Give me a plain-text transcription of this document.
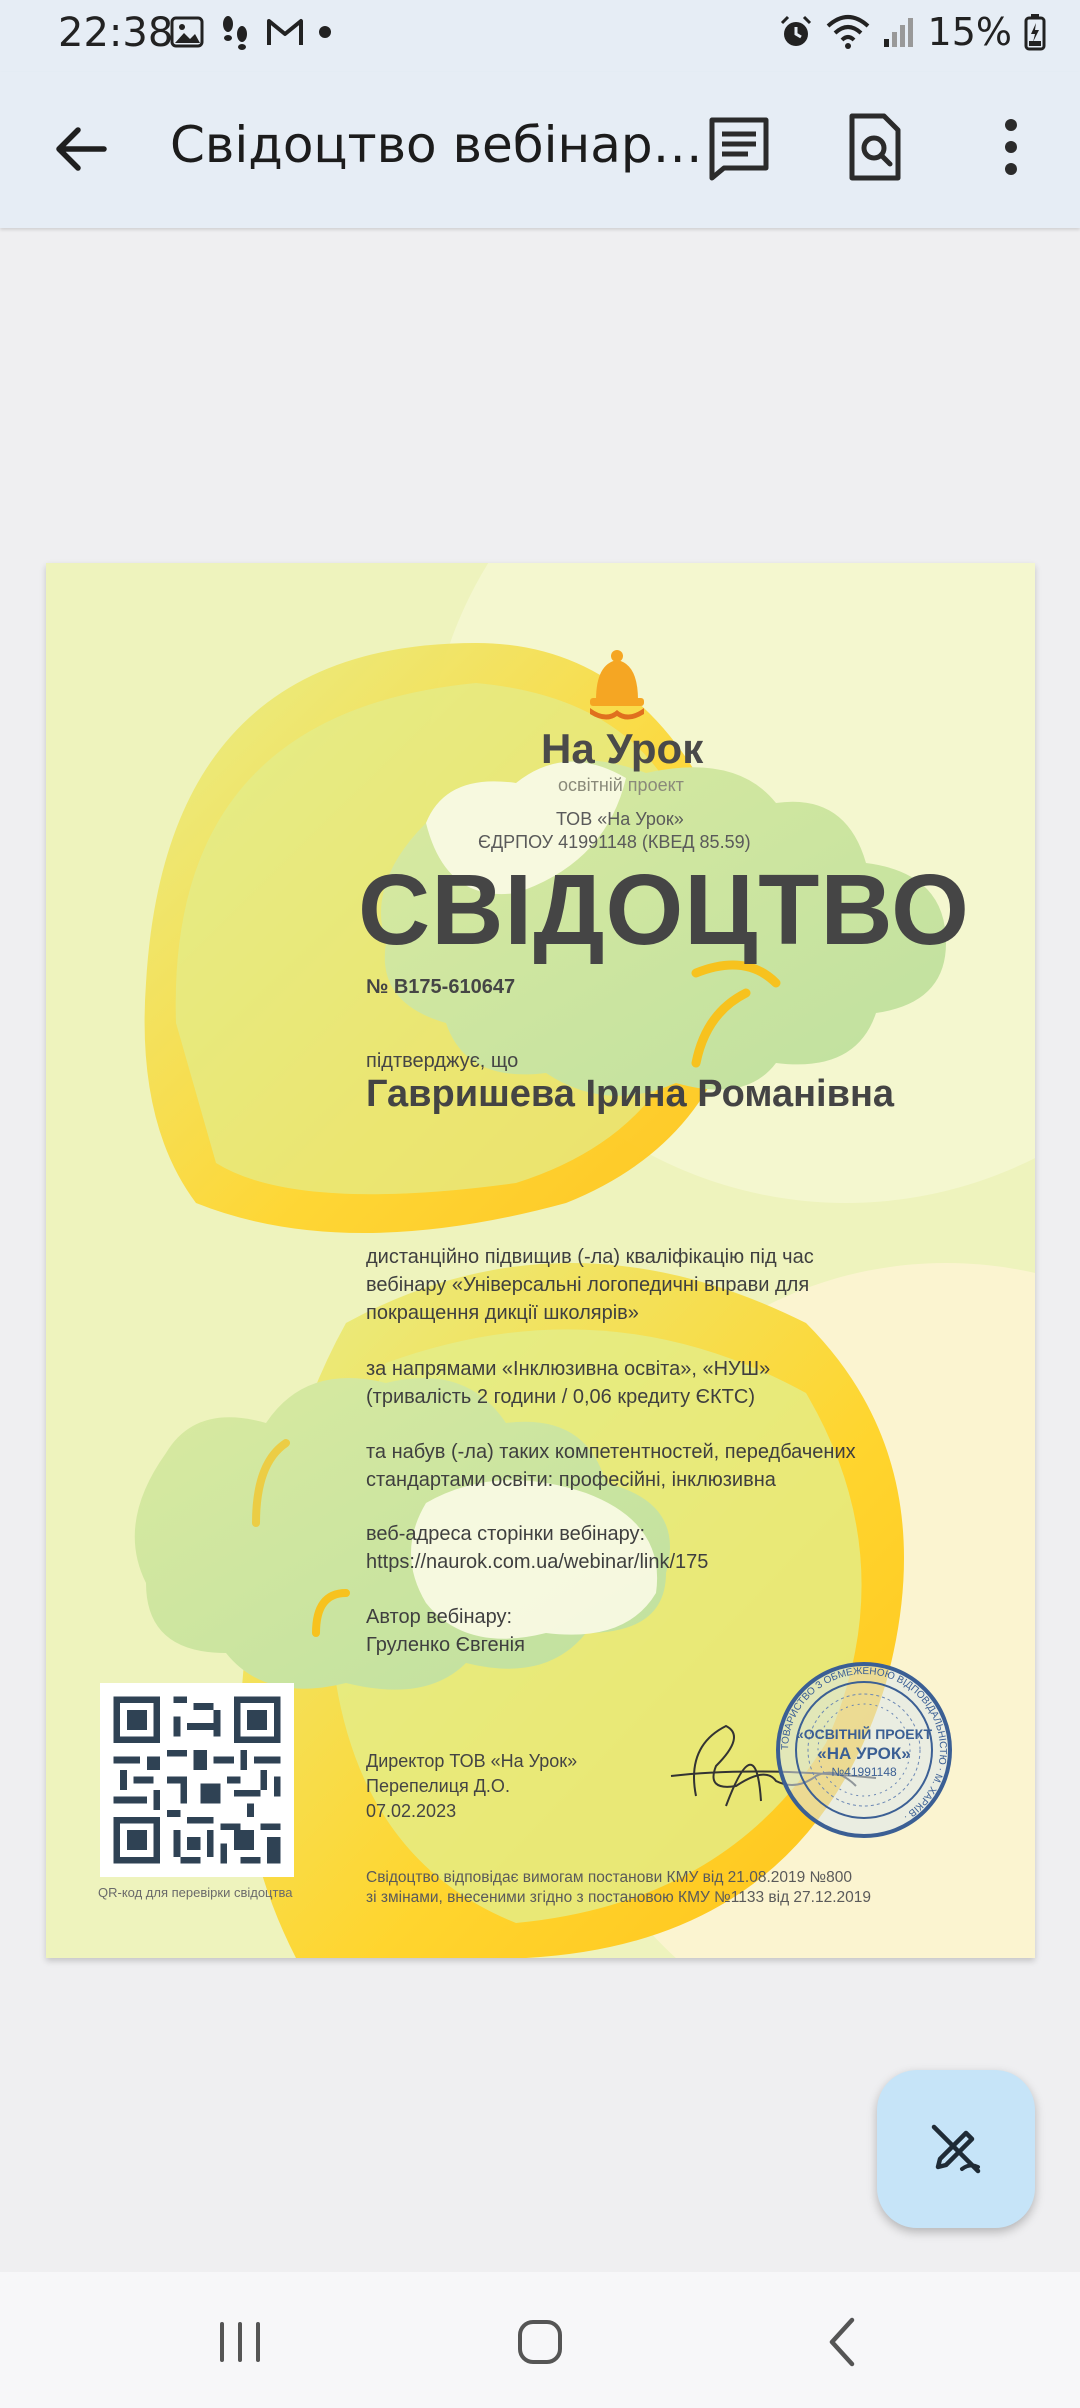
22:38	15%
Свідоцтво вебінар…
На Урок
освітній проект
ТОВ «На Урок»
ЄДРПОУ 41991148 (КВЕД 85.59)
СВІДОЦТВО
№ В175-610647
підтверджує, що
Гавришева Ірина Романівна
дистанційно підвищив (-ла) кваліфікацію під час
вебінару «Універсальні логопедичні вправи для
покращення дикції школярів»
за напрямами «Інклюзивна освіта», «НУШ»
(тривалість 2 години / 0,06 кредиту ЄКТС)
та набув (-ла) таких компетентностей, передбачених
стандартами освіти: професійні, інклюзивна
веб-адреса сторінки вебінару:
https://naurok.com.ua/webinar/link/175
Автор вебінару:
Груленко Євгенія
Директор ТОВ «На Урок»
Перепелиця Д.О.
07.02.2023
ТОВАРИСТВО З ОБМЕЖЕНОЮ ВІДПОВІДАЛЬНІСТЮ · М. ХАРКІВ ·
«ОСВІТНІЙ ПРОЕКТ
«НА УРОК»
№41991148
QR-код для перевірки свідоцтва
Свідоцтво відповідає вимогам постанови КМУ від 21.08.2019 №800
зі змінами, внесеними згідно з постановою КМУ №1133 від 27.12.2019
